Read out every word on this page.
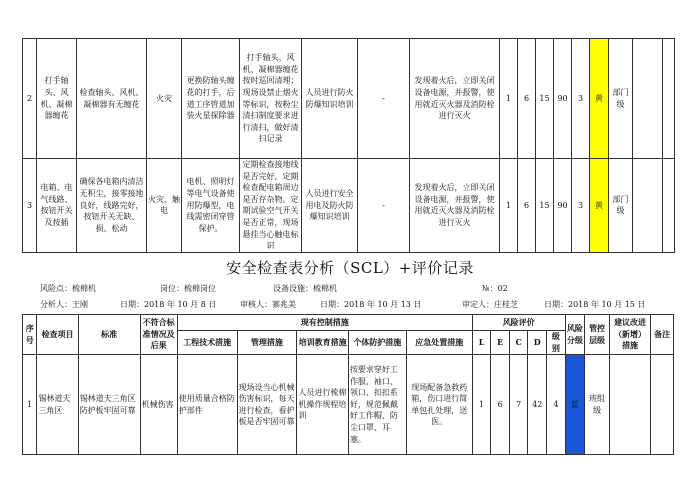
2	打手轴头、风机、凝棉器缠花	检查轴头、风机、凝棉器有无缠花	火灾	更换防轴头缠花的打手，后道工序管道加装火星探除器	打手轴头、风机、凝棉器缠花按时巡回清理；现场设禁止烟火等标识，按粉尘清扫制度要求进行清扫，做好清扫记录	人员进行防火防爆知识培训	-	发现着火后，立即关闭设备电源，并报警，使用就近灭火器及消防栓进行灭火	1	6	15	90	3	黄	部门级		
3	电箱、电气线路、按钮开关及按插	确保各电箱内清洁无积尘，接零接地良好，线路完好，按钮开关无缺、损、松动	火灾、触电	电机、照明灯等电气设备使用防爆型，电线需密闭穿管保护。	定期检查接地线是否完好，定期检查配电箱周边是否存杂物。定期试验空气开关是否正常，现场悬挂当心触电标识	人员进行安全用电及防火防爆知识培训	-	发现着火后，立即关闭设备电源，并报警，使用就近灭火器及消防栓进行灭火	1	6	15	90	3	黄	部门级		
安全检查表分析（SCL）+评价记录
风险点：梳棉机	岗位：梳棉岗位	设备设施：梳棉机	№：02
分析人：王刚	日期：2018 年 10 月 8 日	审核人：寨兆美	日期：2018 年 10 月 13 日	审定人：庄桂芝	日期：2018 年 10 月 15 日
序号	检查项目	标准	不符合标准情况及后果	现有控制措施					风险评价					风险分级	管控层级	建议改进（新增）措施	备注
				工程技术措施	管理措施	培训教育措施	个体防护措施	应急处置措施	L	E	C	D	级别				
1	锡林道夫三角区	锡林道夫三角区防护板牢固可靠	机械伤害	使用质量合格防护部件	现场设当心机械伤害标识，每天进行检查，看护板是否牢固可靠	人员进行梳棉机操作规程培训	按要求穿好工作服，袖口、领口、扣扣系好，规范佩戴好工作帽、防尘口罩、耳塞。	现场配备急救药箱，伤口进行简单包扎处理，送医。	1	6	7	42	4	蓝	班组级		
